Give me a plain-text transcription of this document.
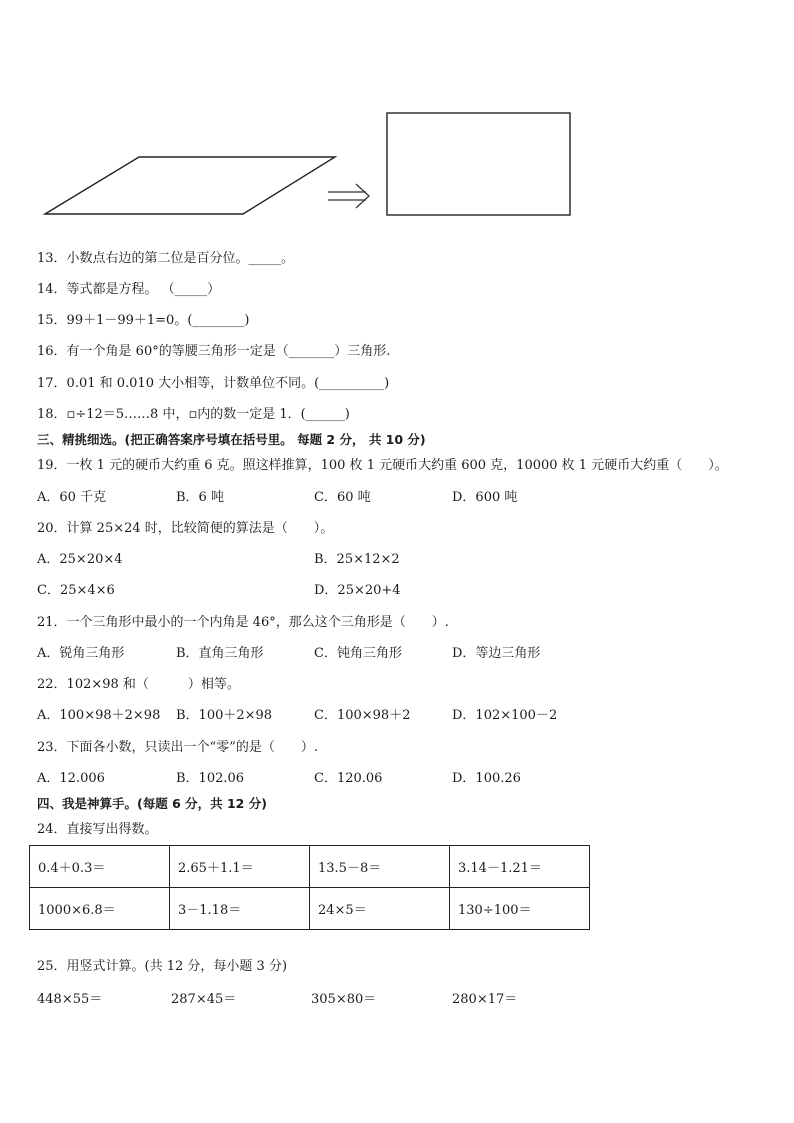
13．小数点右边的第二位是百分位。_____。
14．等式都是方程。 （_____）
15．99＋1－99＋1=0。(________)
16．有一个角是 60°的等腰三角形一定是（_______）三角形.
17．0.01 和 0.010 大小相等，计数单位不同。(__________)
18．▫÷12＝5……8 中，▫内的数一定是 1．(______)
三、精挑细选。(把正确答案序号填在括号里。 每题 2 分， 共 10 分)
19．一枚 1 元的硬币大约重 6 克。照这样推算，100 枚 1 元硬币大约重 600 克，10000 枚 1 元硬币大约重（　　）。
A．60 千克	B．6 吨	C．60 吨	D．600 吨
20．计算 25×24 时，比较简便的算法是（　　）。
A．25×20×4	B．25×12×2
C．25×4×6	D．25×20+4
21．一个三角形中最小的一个内角是 46°，那么这个三角形是（　　）.
A．锐角三角形	B．直角三角形	C．钝角三角形	D．等边三角形
22．102×98 和（　　　）相等。
A．100×98＋2×98 B．100＋2×98	C．100×98＋2	D．102×100－2
23．下面各小数，只读出一个“零”的是（　　）.
A．12.006	B．102.06	C．120.06	D．100.26
四、我是神算手。(每题 6 分，共 12 分)
24．直接写出得数。
0.4＋0.3＝	2.65＋1.1＝	13.5－8＝	3.14－1.21＝
1000×6.8＝	3－1.18＝	24×5＝	130÷100＝
25．用竖式计算。(共 12 分，每小题 3 分)
448×55＝	287×45＝	305×80＝	280×17＝
